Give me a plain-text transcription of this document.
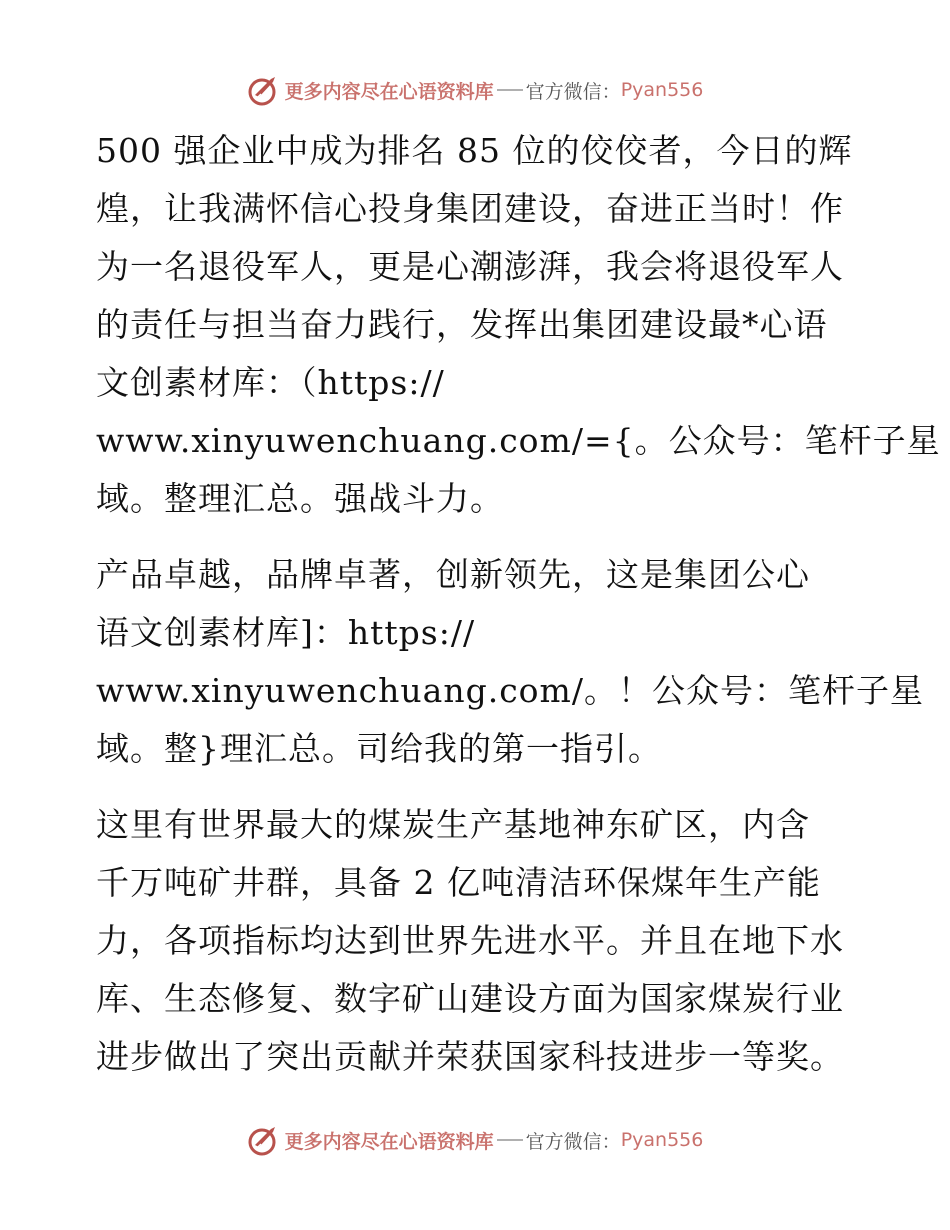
更多内容尽在心语资料库 官方微信： Pyan556
500 强企业中成为排名 85 位的佼佼者，今日的辉
煌，让我满怀信心投身集团建设，奋进正当时！作
为一名退役军人，更是心潮澎湃，我会将退役军人
的责任与担当奋力践行，发挥出集团建设最*心语
文创素材库：（https://
www.xinyuwenchuang.com/={。公众号：笔杆子星
域。整理汇总。强战斗力。
产品卓越，品牌卓著，创新领先，这是集团公心
语文创素材库]：https://
www.xinyuwenchuang.com/。！公众号：笔杆子星
域。整}理汇总。司给我的第一指引。
这里有世界最大的煤炭生产基地神东矿区，内含
千万吨矿井群，具备 2 亿吨清洁环保煤年生产能
力，各项指标均达到世界先进水平。并且在地下水
库、生态修复、数字矿山建设方面为国家煤炭行业
进步做出了突出贡献并荣获国家科技进步一等奖。
更多内容尽在心语资料库 官方微信： Pyan556
